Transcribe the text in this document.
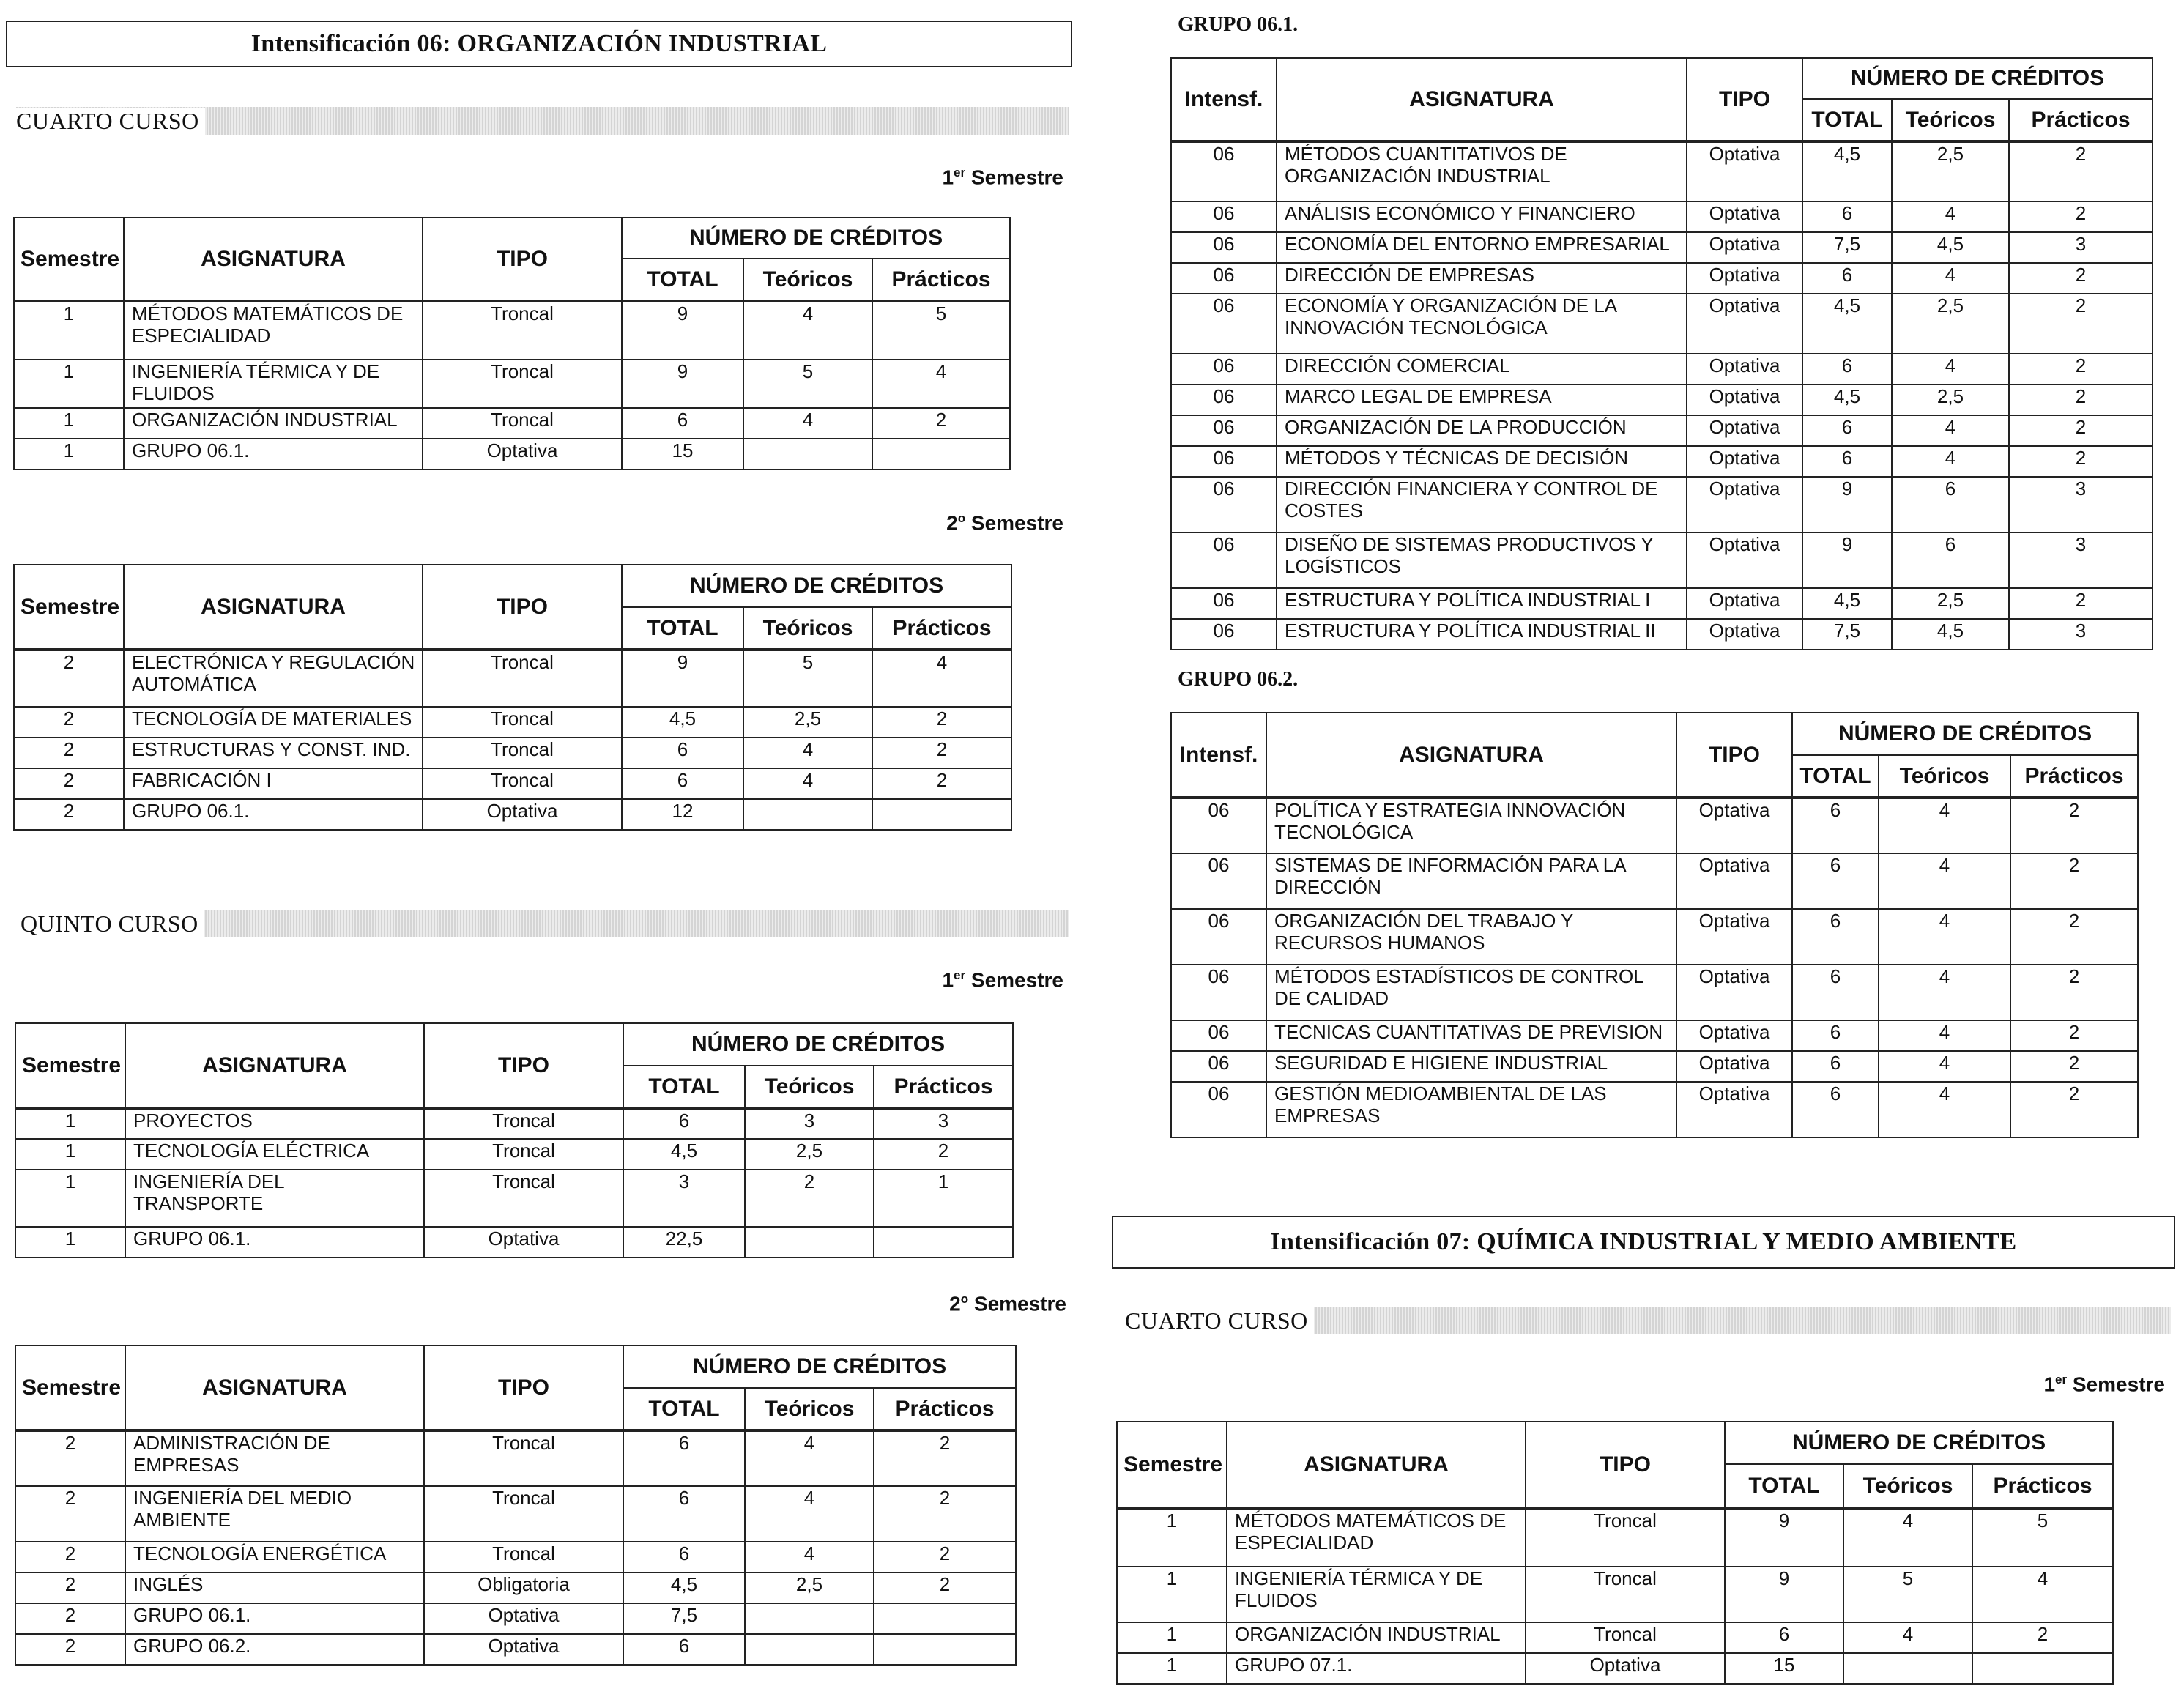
Intensificación 06: ORGANIZACIÓN INDUSTRIAL
CUARTO CURSO
1er Semestre
Semestre	ASIGNATURA	TIPO	NÚMERO DE CRÉDITOS		
			TOTAL	Teóricos	Prácticos
1	MÉTODOS MATEMÁTICOS DE ESPECIALIDAD	Troncal	9	4	5
1	INGENIERÍA TÉRMICA Y DE FLUIDOS	Troncal	9	5	4
1	ORGANIZACIÓN INDUSTRIAL	Troncal	6	4	2
1	GRUPO 06.1.	Optativa	15		
2$^o$ Semestre
Semestre	ASIGNATURA	TIPO	NÚMERO DE CRÉDITOS		
			TOTAL	Teóricos	Prácticos
2	ELECTRÓNICA Y REGULACIÓN AUTOMÁTICA	Troncal	9	5	4
2	TECNOLOGÍA DE MATERIALES	Troncal	4,5	2,5	2
2	ESTRUCTURAS Y CONST. IND.	Troncal	6	4	2
2	FABRICACIÓN I	Troncal	6	4	2
2	GRUPO 06.1.	Optativa	12		
QUINTO CURSO
1er Semestre
Semestre	ASIGNATURA	TIPO	NÚMERO DE CRÉDITOS		
			TOTAL	Teóricos	Prácticos
1	PROYECTOS	Troncal	6	3	3
1	TECNOLOGÍA ELÉCTRICA	Troncal	4,5	2,5	2
1	INGENIERÍA DEL TRANSPORTE	Troncal	3	2	1
1	GRUPO 06.1.	Optativa	22,5		
2$^o$ Semestre
Semestre	ASIGNATURA	TIPO	NÚMERO DE CRÉDITOS		
			TOTAL	Teóricos	Prácticos
2	ADMINISTRACIÓN DE EMPRESAS	Troncal	6	4	2
2	INGENIERÍA DEL MEDIO AMBIENTE	Troncal	6	4	2
2	TECNOLOGÍA ENERGÉTICA	Troncal	6	4	2
2	INGLÉS	Obligatoria	4,5	2,5	2
2	GRUPO 06.1.	Optativa	7,5		
2	GRUPO 06.2.	Optativa	6		
GRUPO 06.1.
Intensf.	ASIGNATURA	TIPO	NÚMERO DE CRÉDITOS		
			TOTAL	Teóricos	Prácticos
06	MÉTODOS CUANTITATIVOS DE ORGANIZACIÓN INDUSTRIAL	Optativa	4,5	2,5	2
06	ANÁLISIS ECONÓMICO Y FINANCIERO	Optativa	6	4	2
06	ECONOMÍA DEL ENTORNO EMPRESARIAL	Optativa	7,5	4,5	3
06	DIRECCIÓN DE EMPRESAS	Optativa	6	4	2
06	ECONOMÍA Y ORGANIZACIÓN DE LA INNOVACIÓN TECNOLÓGICA	Optativa	4,5	2,5	2
06	DIRECCIÓN COMERCIAL	Optativa	6	4	2
06	MARCO LEGAL DE EMPRESA	Optativa	4,5	2,5	2
06	ORGANIZACIÓN DE LA PRODUCCIÓN	Optativa	6	4	2
06	MÉTODOS Y TÉCNICAS DE DECISIÓN	Optativa	6	4	2
06	DIRECCIÓN FINANCIERA Y CONTROL DE COSTES	Optativa	9	6	3
06	DISEÑO DE SISTEMAS PRODUCTIVOS Y LOGÍSTICOS	Optativa	9	6	3
06	ESTRUCTURA Y POLÍTICA INDUSTRIAL I	Optativa	4,5	2,5	2
06	ESTRUCTURA Y POLÍTICA INDUSTRIAL II	Optativa	7,5	4,5	3
GRUPO 06.2.
Intensf.	ASIGNATURA	TIPO	NÚMERO DE CRÉDITOS		
			TOTAL	Teóricos	Prácticos
06	POLÍTICA Y ESTRATEGIA INNOVACIÓN TECNOLÓGICA	Optativa	6	4	2
06	SISTEMAS DE INFORMACIÓN PARA LA DIRECCIÓN	Optativa	6	4	2
06	ORGANIZACIÓN DEL TRABAJO Y RECURSOS HUMANOS	Optativa	6	4	2
06	MÉTODOS ESTADÍSTICOS DE CONTROL DE CALIDAD	Optativa	6	4	2
06	TECNICAS CUANTITATIVAS DE PREVISION	Optativa	6	4	2
06	SEGURIDAD E HIGIENE INDUSTRIAL	Optativa	6	4	2
06	GESTIÓN MEDIOAMBIENTAL DE LAS EMPRESAS	Optativa	6	4	2
Intensificación 07: QUÍMICA INDUSTRIAL Y MEDIO AMBIENTE
CUARTO CURSO
1er Semestre
Semestre	ASIGNATURA	TIPO	NÚMERO DE CRÉDITOS		
			TOTAL	Teóricos	Prácticos
1	MÉTODOS MATEMÁTICOS DE ESPECIALIDAD	Troncal	9	4	5
1	INGENIERÍA TÉRMICA Y DE FLUIDOS	Troncal	9	5	4
1	ORGANIZACIÓN INDUSTRIAL	Troncal	6	4	2
1	GRUPO 07.1.	Optativa	15		
